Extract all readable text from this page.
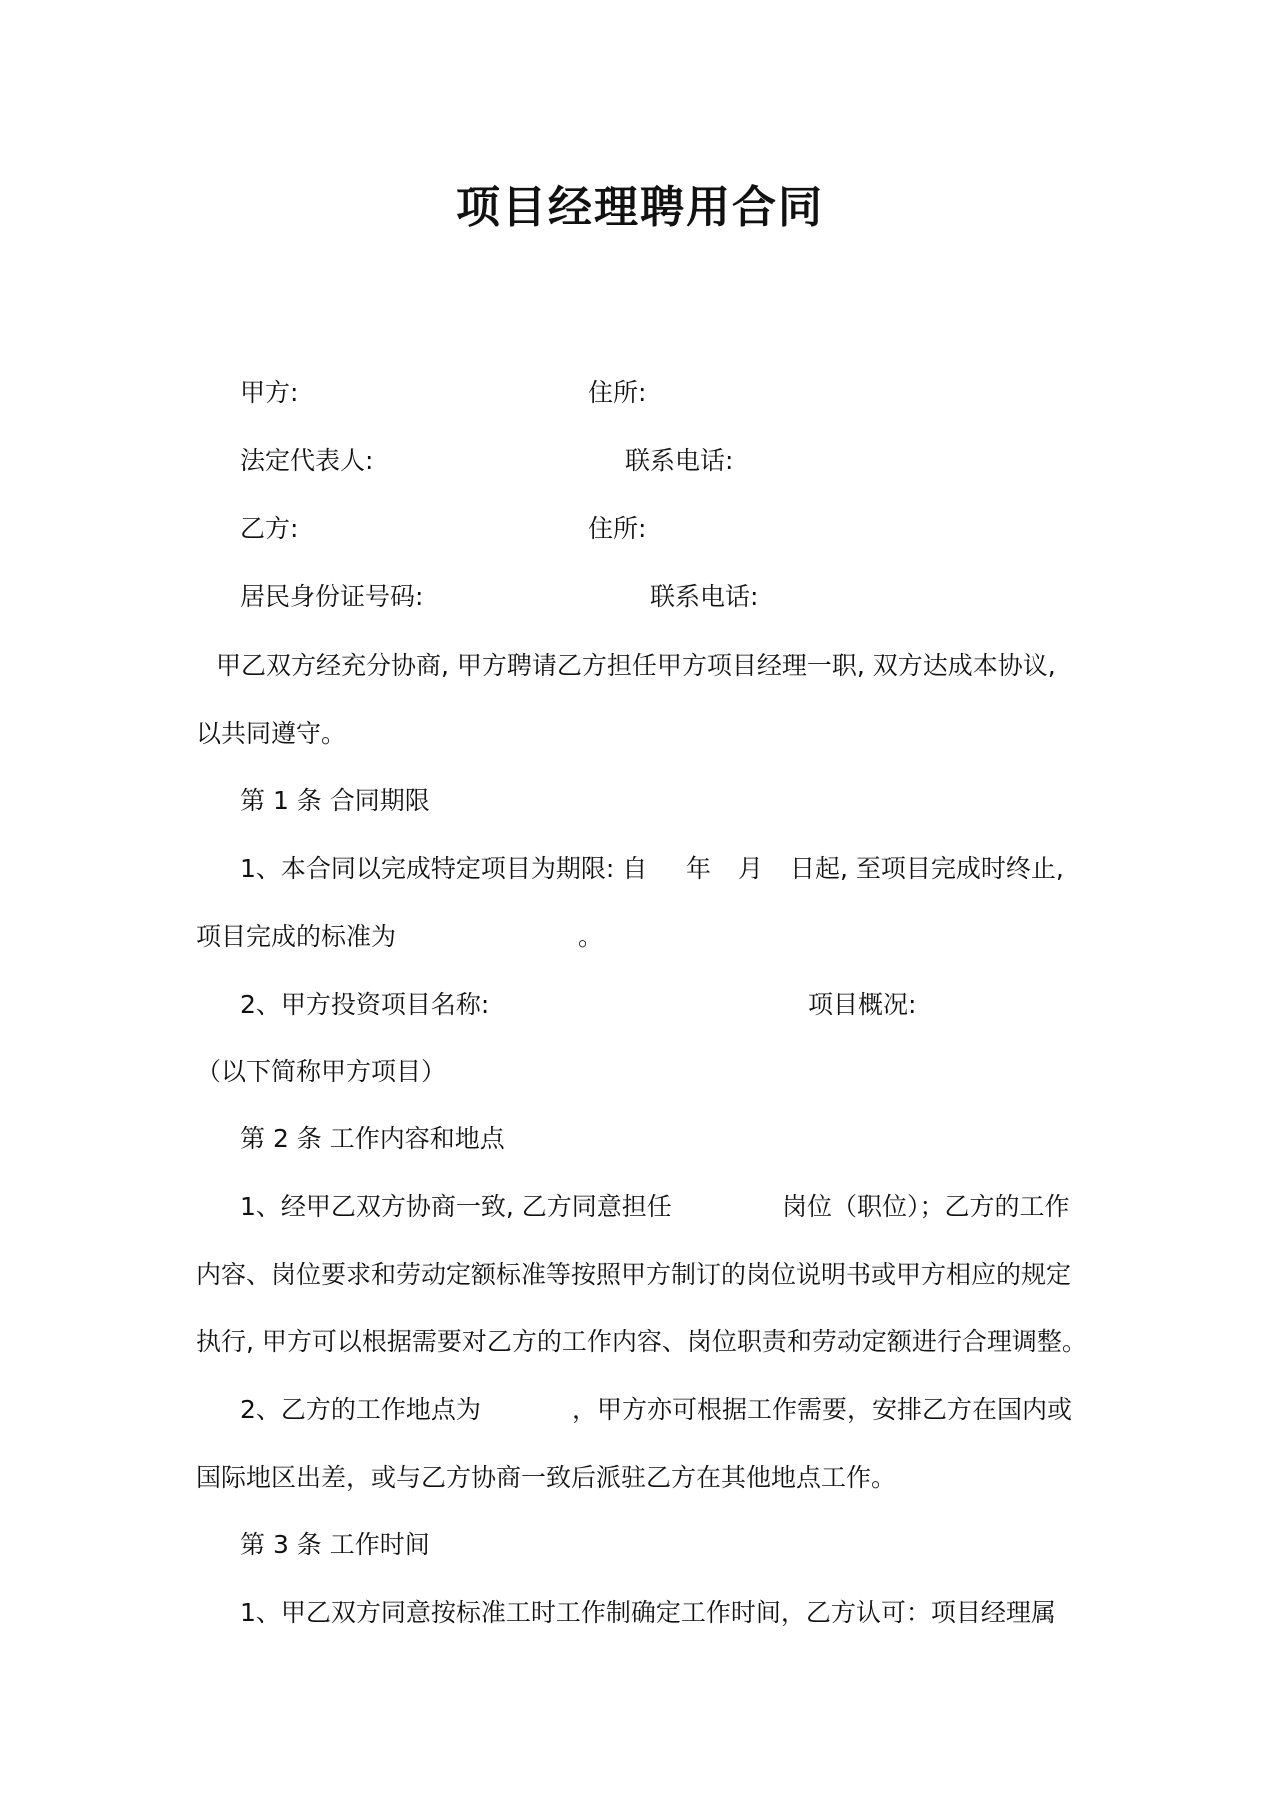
项目经理聘用合同
甲方:	住所:
法定代表人:	联系电话:
乙方:	住所:
居民身份证号码:	联系电话:
甲乙双方经充分协商, 甲方聘请乙方担任甲方项目经理一职, 双方达成本协议,
以共同遵守。
第 1 条 合同期限
1、本合同以完成特定项目为期限: 自 年 月 日起, 至项目完成时终止,
项目完成的标准为	。
2、甲方投资项目名称:	项目概况:
（以下简称甲方项目）
第 2 条 工作内容和地点
1、经甲乙双方协商一致, 乙方同意担任	岗位（职位）；乙方的工作
内容、岗位要求和劳动定额标准等按照甲方制订的岗位说明书或甲方相应的规定
执行, 甲方可以根据需要对乙方的工作内容、岗位职责和劳动定额进行合理调整。
2、乙方的工作地点为	，甲方亦可根据工作需要，安排乙方在国内或
国际地区出差，或与乙方协商一致后派驻乙方在其他地点工作。
第 3 条 工作时间
1、甲乙双方同意按标准工时工作制确定工作时间，乙方认可：项目经理属
